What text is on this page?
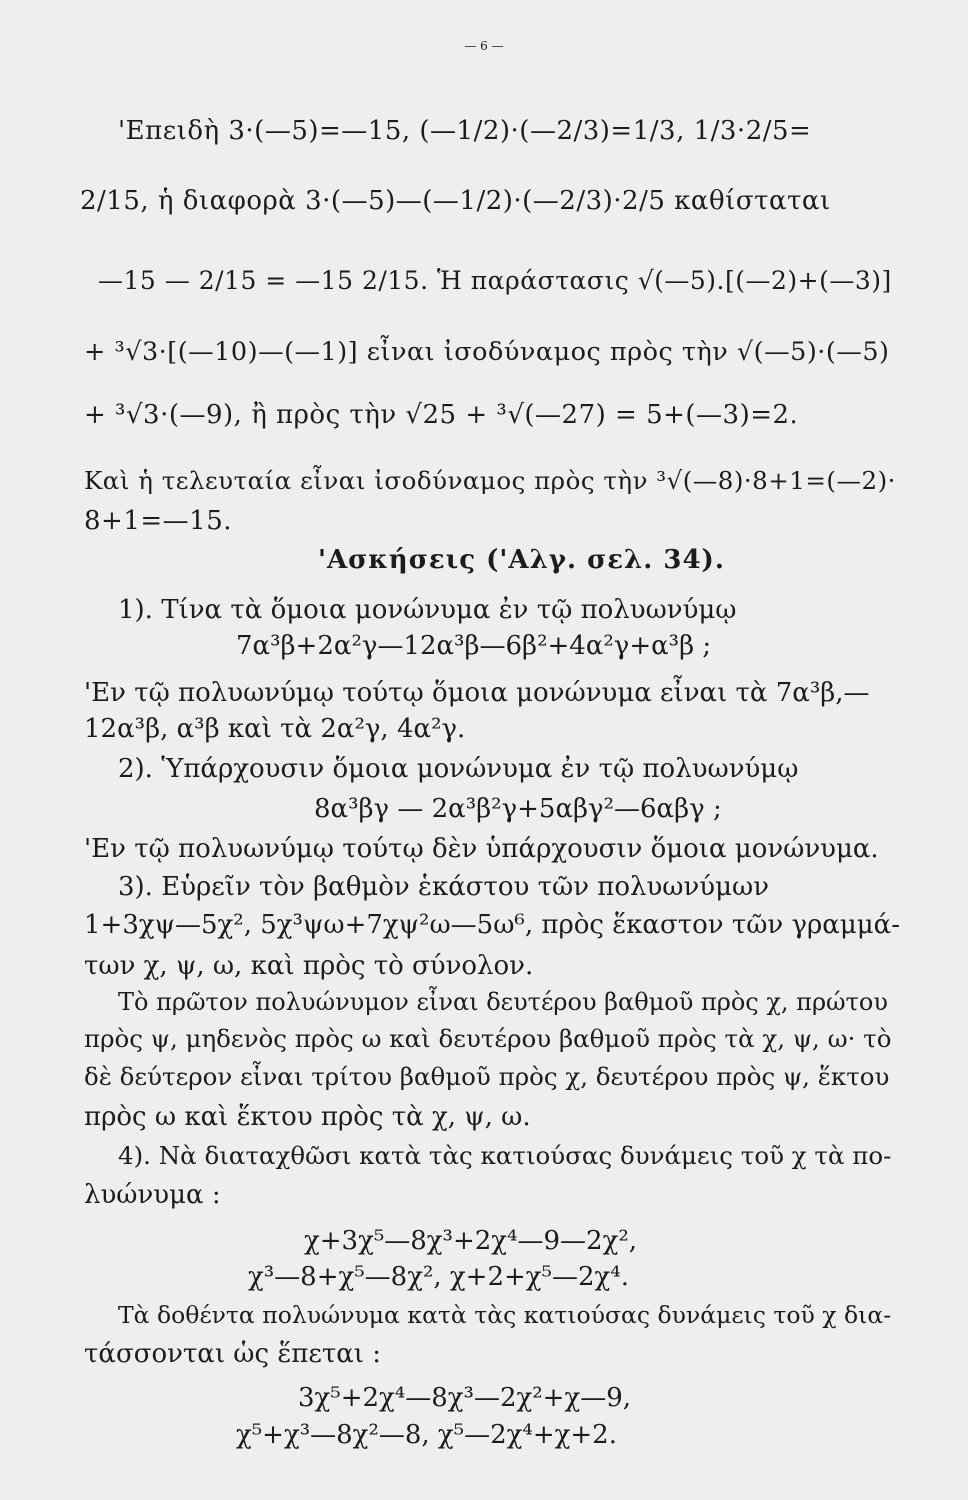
— 6 —
'Επειδὴ 3·(—5)=—15, (—1/2)·(—2/3)=1/3, 1/3·2/5=
2/15, ἡ διαφορὰ 3·(—5)—(—1/2)·(—2/3)·2/5 καθίσταται
—15 — 2/15 = —15 2/15. Ἡ παράστασις √(—5).[(—2)+(—3)]
+ ³√3·[(—10)—(—1)] εἶναι ἰσοδύναμος πρὸς τὴν √(—5)·(—5)
+ ³√3·(—9), ἢ πρὸς τὴν √25 + ³√(—27) = 5+(—3)=2.
Καὶ ἡ τελευταία εἶναι ἰσοδύναμος πρὸς τὴν ³√(—8)·8+1=(—2)·
8+1=—15.
'Ασκήσεις ('Αλγ. σελ. 34).
1). Τίνα τὰ ὅμοια μονώνυμα ἐν τῷ πολυωνύμῳ
7α³β+2α²γ—12α³β—6β²+4α²γ+α³β ;
'Εν τῷ πολυωνύμῳ τούτῳ ὅμοια μονώνυμα εἶναι τὰ 7α³β,—
12α³β, α³β καὶ τὰ 2α²γ, 4α²γ.
2). Ὑπάρχουσιν ὅμοια μονώνυμα ἐν τῷ πολυωνύμῳ
8α³βγ — 2α³β²γ+5αβγ²—6αβγ ;
'Εν τῷ πολυωνύμῳ τούτῳ δὲν ὑπάρχουσιν ὅμοια μονώνυμα.
3). Εὑρεῖν τὸν βαθμὸν ἑκάστου τῶν πολυωνύμων
1+3χψ—5χ², 5χ³ψω+7χψ²ω—5ω⁶, πρὸς ἕκαστον τῶν γραμμά-
των χ, ψ, ω, καὶ πρὸς τὸ σύνολον.
Τὸ πρῶτον πολυώνυμον εἶναι δευτέρου βαθμοῦ πρὸς χ, πρώτου
πρὸς ψ, μηδενὸς πρὸς ω καὶ δευτέρου βαθμοῦ πρὸς τὰ χ, ψ, ω· τὸ
δὲ δεύτερον εἶναι τρίτου βαθμοῦ πρὸς χ, δευτέρου πρὸς ψ, ἕκτου
πρὸς ω καὶ ἕκτου πρὸς τὰ χ, ψ, ω.
4). Νὰ διαταχθῶσι κατὰ τὰς κατιούσας δυνάμεις τοῦ χ τὰ πο-
λυώνυμα :
χ+3χ⁵—8χ³+2χ⁴—9—2χ²,
χ³—8+χ⁵—8χ², χ+2+χ⁵—2χ⁴.
Τὰ δοθέντα πολυώνυμα κατὰ τὰς κατιούσας δυνάμεις τοῦ χ δια-
τάσσονται ὡς ἕπεται :
3χ⁵+2χ⁴—8χ³—2χ²+χ—9,
χ⁵+χ³—8χ²—8, χ⁵—2χ⁴+χ+2.
